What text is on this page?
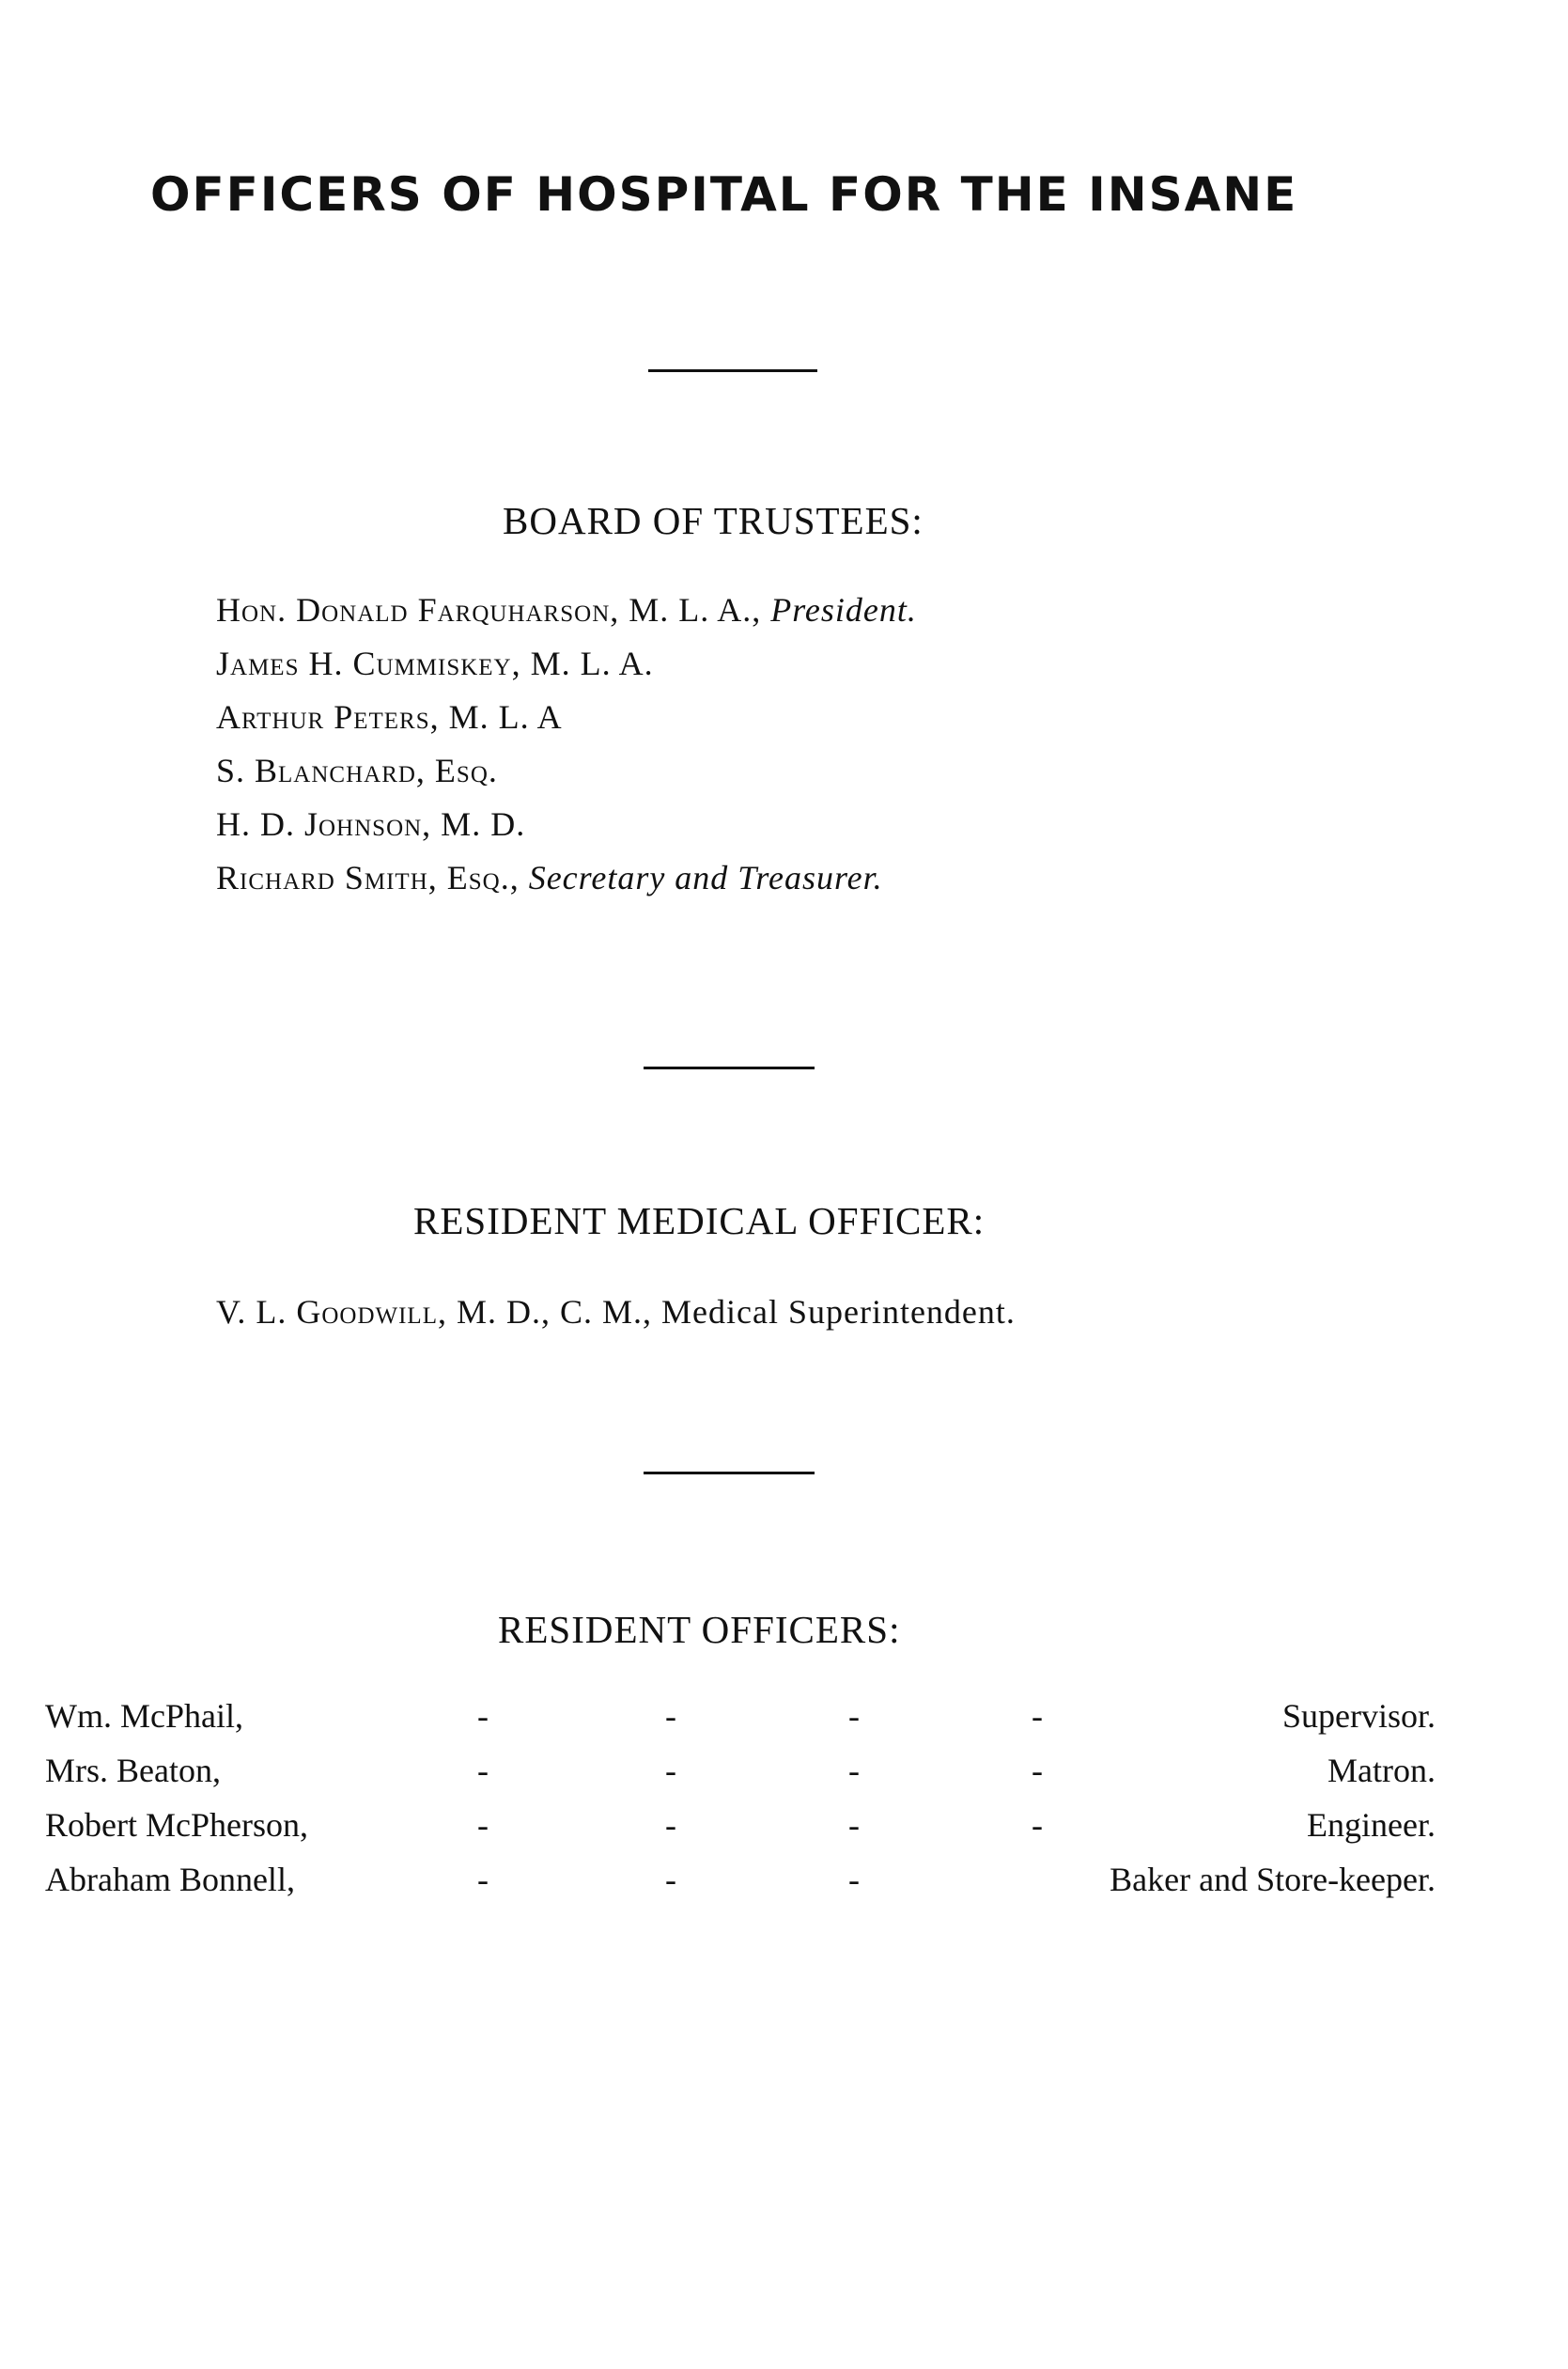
OFFICERS OF HOSPITAL FOR THE INSANE
BOARD OF TRUSTEES:
Hon. Donald Farquharson, M. L. A., President.
James H. Cummiskey, M. L. A.
Arthur Peters, M. L. A
S. Blanchard, Esq.
H. D. Johnson, M. D.
Richard Smith, Esq., Secretary and Treasurer.
RESIDENT MEDICAL OFFICER:
V. L. Goodwill, M. D., C. M., Medical Superintendent.
RESIDENT OFFICERS:
Wm. McPhail,	-	-	-	-	Supervisor.
Mrs. Beaton,	-	-	-	-	Matron.
Robert McPherson,	-	-	-	-	Engineer.
Abraham Bonnell,	-	-	-	Baker and Store-keeper.
